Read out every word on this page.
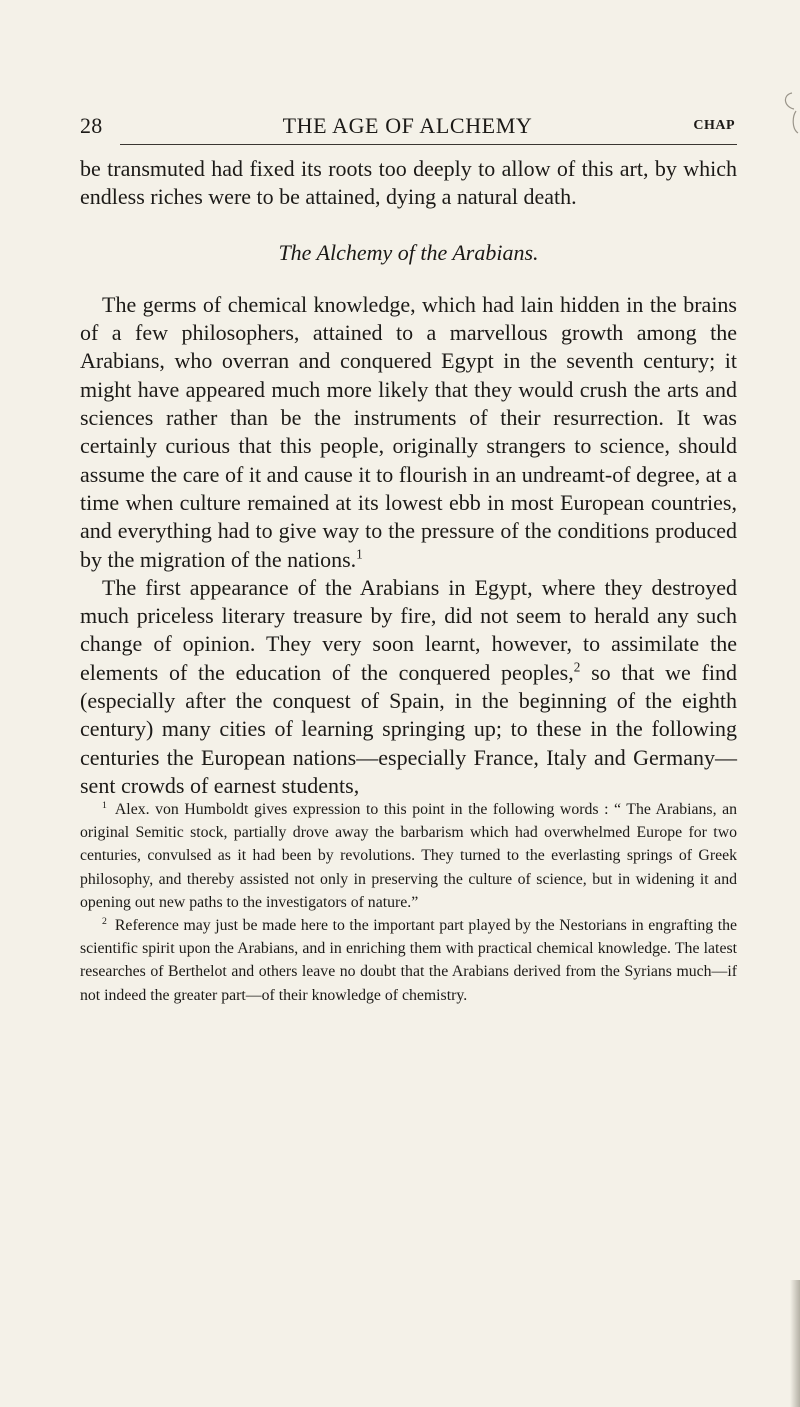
28	THE AGE OF ALCHEMY	CHAP

be transmuted had fixed its roots too deeply to allow of this art, by which endless riches were to be attained, dying a natural death.

The Alchemy of the Arabians.

The germs of chemical knowledge, which had lain hidden in the brains of a few philosophers, attained to a marvellous growth among the Arabians, who overran and conquered Egypt in the seventh century; it might have appeared much more likely that they would crush the arts and sciences rather than be the instruments of their resurrection. It was certainly curious that this people, originally strangers to science, should assume the care of it and cause it to flourish in an undreamt-of degree, at a time when culture remained at its lowest ebb in most European countries, and everything had to give way to the pressure of the conditions produced by the migration of the nations.$^1$

The first appearance of the Arabians in Egypt, where they destroyed much priceless literary treasure by fire, did not seem to herald any such change of opinion. They very soon learnt, however, to assimilate the elements of the education of the conquered peoples,$^2$ so that we find (especially after the conquest of Spain, in the beginning of the eighth century) many cities of learning springing up; to these in the following centuries the European nations—especially France, Italy and Germany—sent crowds of earnest students,

$^1$ Alex. von Humboldt gives expression to this point in the following words : “ The Arabians, an original Semitic stock, partially drove away the barbarism which had overwhelmed Europe for two centuries, convulsed as it had been by revolutions. They turned to the everlasting springs of Greek philosophy, and thereby assisted not only in preserving the culture of science, but in widening it and opening out new paths to the investigators of nature.”

$^2$ Reference may just be made here to the important part played by the Nestorians in engrafting the scientific spirit upon the Arabians, and in enriching them with practical chemical knowledge. The latest researches of Berthelot and others leave no doubt that the Arabians derived from the Syrians much—if not indeed the greater part—of their knowledge of chemistry.
